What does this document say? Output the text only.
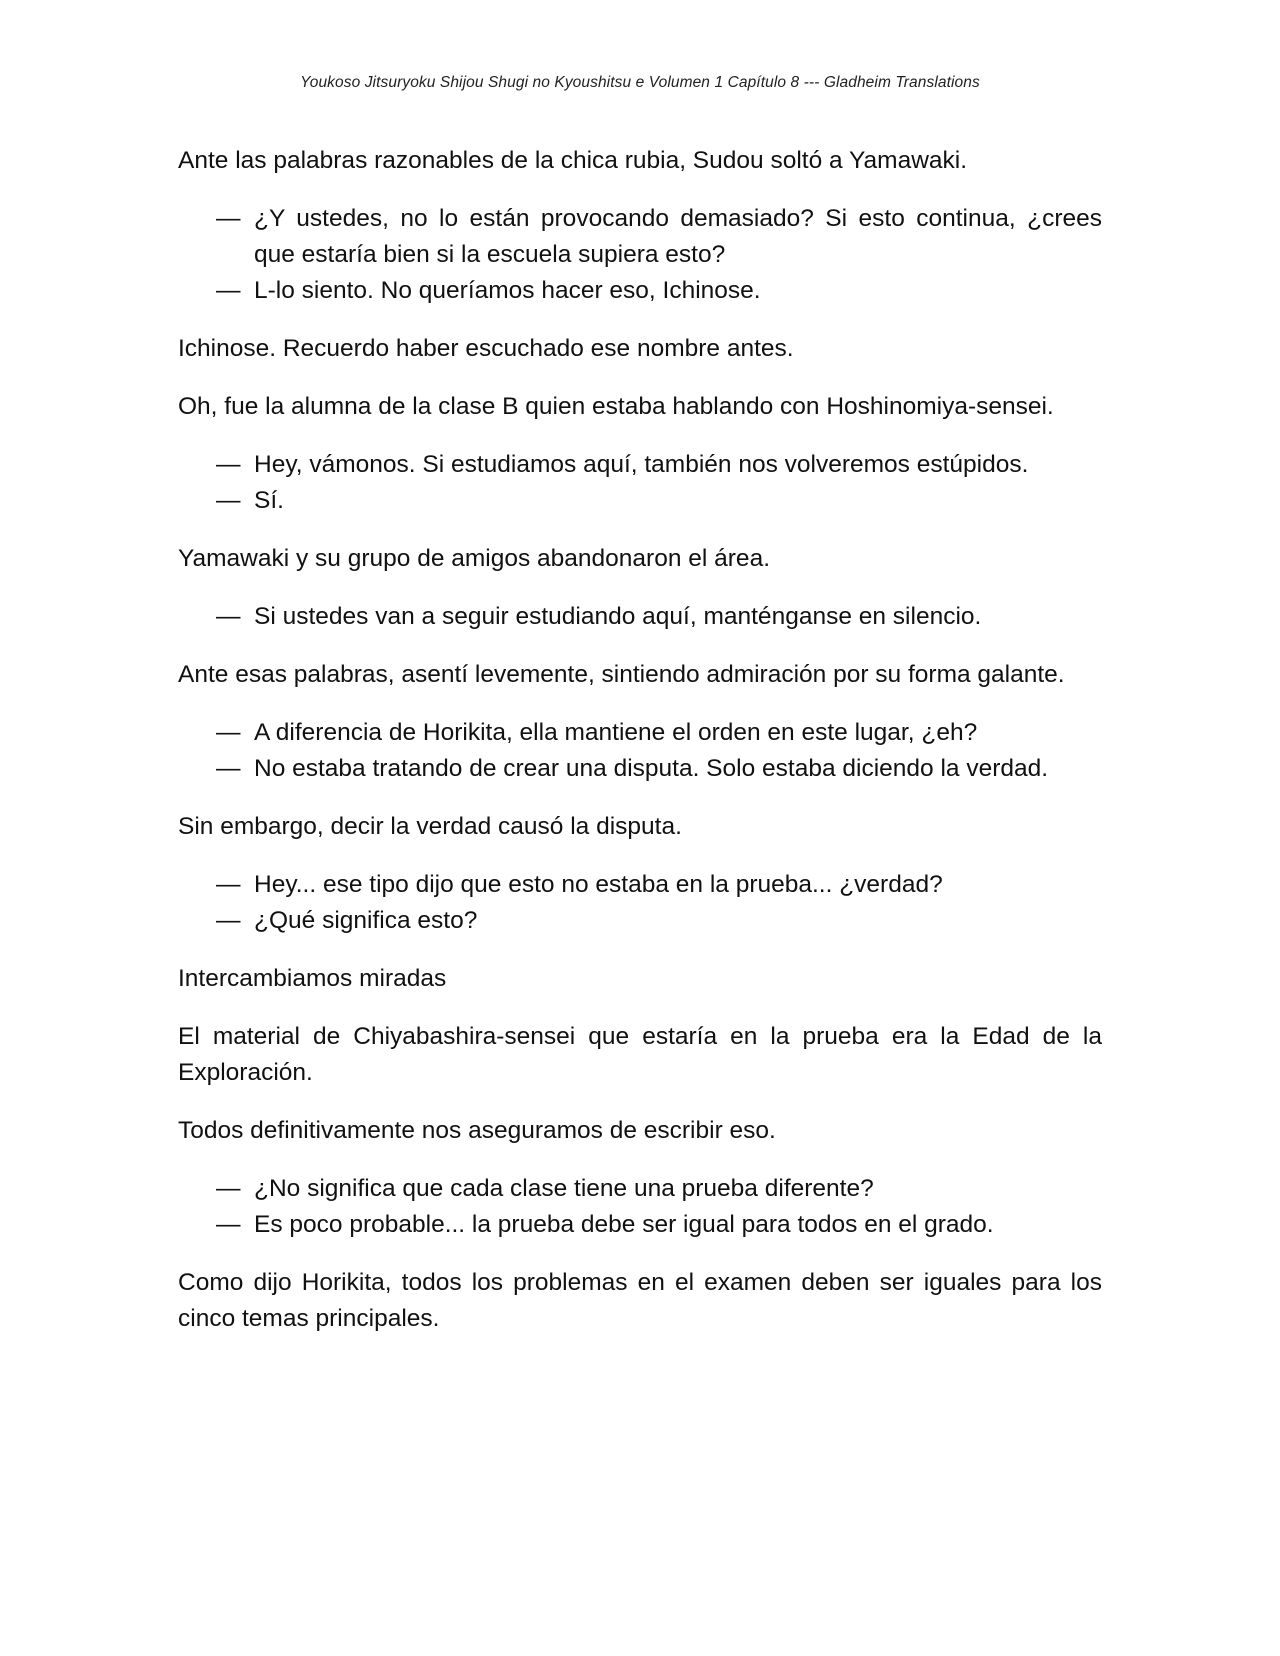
Youkoso Jitsuryoku Shijou Shugi no Kyoushitsu e Volumen 1 Capítulo 8 --- Gladheim Translations

Ante las palabras razonables de la chica rubia, Sudou soltó a Yamawaki.

— ¿Y ustedes, no lo están provocando demasiado? Si esto continua, ¿crees que estaría bien si la escuela supiera esto?

— L-lo siento. No queríamos hacer eso, Ichinose.

Ichinose. Recuerdo haber escuchado ese nombre antes.

Oh, fue la alumna de la clase B quien estaba hablando con Hoshinomiya-sensei.

— Hey, vámonos. Si estudiamos aquí, también nos volveremos estúpidos.

— Sí.

Yamawaki y su grupo de amigos abandonaron el área.

— Si ustedes van a seguir estudiando aquí, manténganse en silencio.

Ante esas palabras, asentí levemente, sintiendo admiración por su forma galante.

— A diferencia de Horikita, ella mantiene el orden en este lugar, ¿eh?

— No estaba tratando de crear una disputa. Solo estaba diciendo la verdad.

Sin embargo, decir la verdad causó la disputa.

— Hey... ese tipo dijo que esto no estaba en la prueba... ¿verdad?

— ¿Qué significa esto?

Intercambiamos miradas

El material de Chiyabashira-sensei que estaría en la prueba era la Edad de la Exploración.

Todos definitivamente nos aseguramos de escribir eso.

— ¿No significa que cada clase tiene una prueba diferente?

— Es poco probable... la prueba debe ser igual para todos en el grado.

Como dijo Horikita, todos los problemas en el examen deben ser iguales para los cinco temas principales.
